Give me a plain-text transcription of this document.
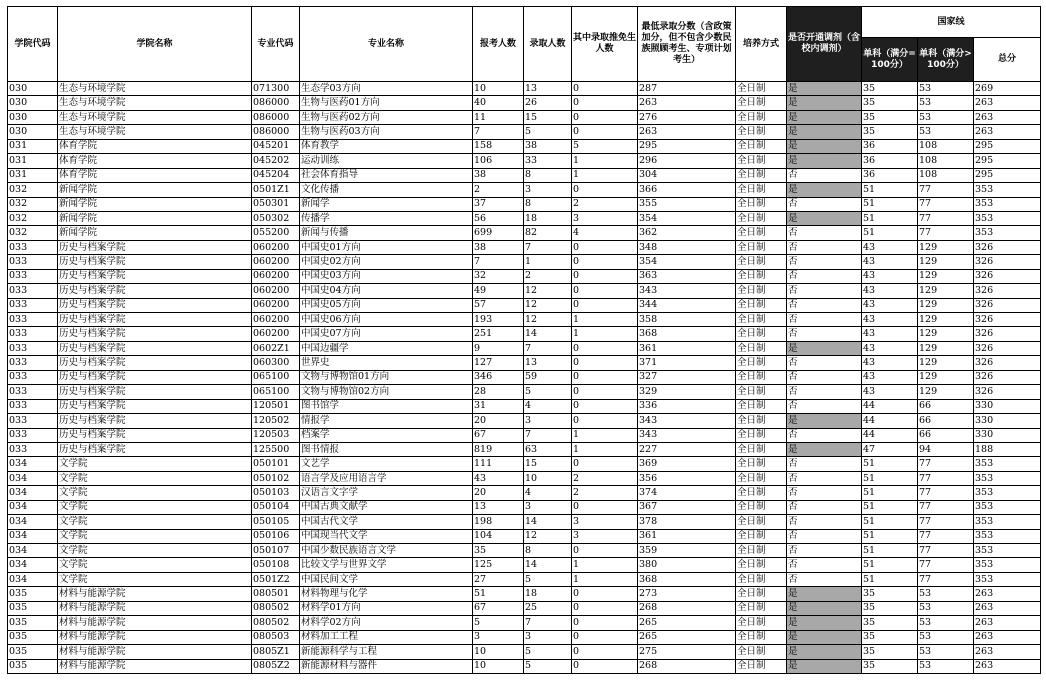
pxwy.cn
学院代码	学院名称	专业代码	专业名称	报考人数	录取人数	其中录取推免生人数	最低录取分数（含政策加分，但不包含少数民族照顾考生、专项计划考生）	培养方式	是否开通调剂（含校内调剂）	国家线		
										单科（满分=100分）	单科（满分>100分）	总分
030	生态与环境学院	071300	生态学03方向	10	13	0	287	全日制	是	35	53	269
030	生态与环境学院	086000	生物与医药01方向	40	26	0	263	全日制	是	35	53	263
030	生态与环境学院	086000	生物与医药02方向	11	15	0	276	全日制	是	35	53	263
030	生态与环境学院	086000	生物与医药03方向	7	5	0	263	全日制	是	35	53	263
031	体育学院	045201	体育教学	158	38	5	295	全日制	是	36	108	295
031	体育学院	045202	运动训练	106	33	1	296	全日制	是	36	108	295
031	体育学院	045204	社会体育指导	38	8	1	304	全日制	否	36	108	295
032	新闻学院	0501Z1	文化传播	2	3	0	366	全日制	是	51	77	353
032	新闻学院	050301	新闻学	37	8	2	355	全日制	否	51	77	353
032	新闻学院	050302	传播学	56	18	3	354	全日制	是	51	77	353
032	新闻学院	055200	新闻与传播	699	82	4	362	全日制	否	51	77	353
033	历史与档案学院	060200	中国史01方向	38	7	0	348	全日制	否	43	129	326
033	历史与档案学院	060200	中国史02方向	7	1	0	354	全日制	否	43	129	326
033	历史与档案学院	060200	中国史03方向	32	2	0	363	全日制	否	43	129	326
033	历史与档案学院	060200	中国史04方向	49	12	0	343	全日制	否	43	129	326
033	历史与档案学院	060200	中国史05方向	57	12	0	344	全日制	否	43	129	326
033	历史与档案学院	060200	中国史06方向	193	12	1	358	全日制	否	43	129	326
033	历史与档案学院	060200	中国史07方向	251	14	1	368	全日制	否	43	129	326
033	历史与档案学院	0602Z1	中国边疆学	9	7	0	361	全日制	是	43	129	326
033	历史与档案学院	060300	世界史	127	13	0	371	全日制	否	43	129	326
033	历史与档案学院	065100	文物与博物馆01方向	346	59	0	327	全日制	否	43	129	326
033	历史与档案学院	065100	文物与博物馆02方向	28	5	0	329	全日制	否	43	129	326
033	历史与档案学院	120501	图书馆学	31	4	0	336	全日制	否	44	66	330
033	历史与档案学院	120502	情报学	20	3	0	343	全日制	是	44	66	330
033	历史与档案学院	120503	档案学	67	7	1	343	全日制	否	44	66	330
033	历史与档案学院	125500	图书情报	819	63	1	227	全日制	是	47	94	188
034	文学院	050101	文艺学	111	15	0	369	全日制	否	51	77	353
034	文学院	050102	语言学及应用语言学	43	10	2	356	全日制	否	51	77	353
034	文学院	050103	汉语言文字学	20	4	2	374	全日制	否	51	77	353
034	文学院	050104	中国古典文献学	13	3	0	367	全日制	否	51	77	353
034	文学院	050105	中国古代文学	198	14	3	378	全日制	否	51	77	353
034	文学院	050106	中国现当代文学	104	12	3	361	全日制	否	51	77	353
034	文学院	050107	中国少数民族语言文学	35	8	0	359	全日制	否	51	77	353
034	文学院	050108	比较文学与世界文学	125	14	1	380	全日制	否	51	77	353
034	文学院	0501Z2	中国民间文学	27	5	1	368	全日制	否	51	77	353
035	材料与能源学院	080501	材料物理与化学	51	18	0	273	全日制	是	35	53	263
035	材料与能源学院	080502	材料学01方向	67	25	0	268	全日制	是	35	53	263
035	材料与能源学院	080502	材料学02方向	5	7	0	265	全日制	是	35	53	263
035	材料与能源学院	080503	材料加工工程	3	3	0	265	全日制	是	35	53	263
035	材料与能源学院	0805Z1	新能源科学与工程	10	5	0	275	全日制	是	35	53	263
035	材料与能源学院	0805Z2	新能源材料与器件	10	5	0	268	全日制	是	35	53	263
